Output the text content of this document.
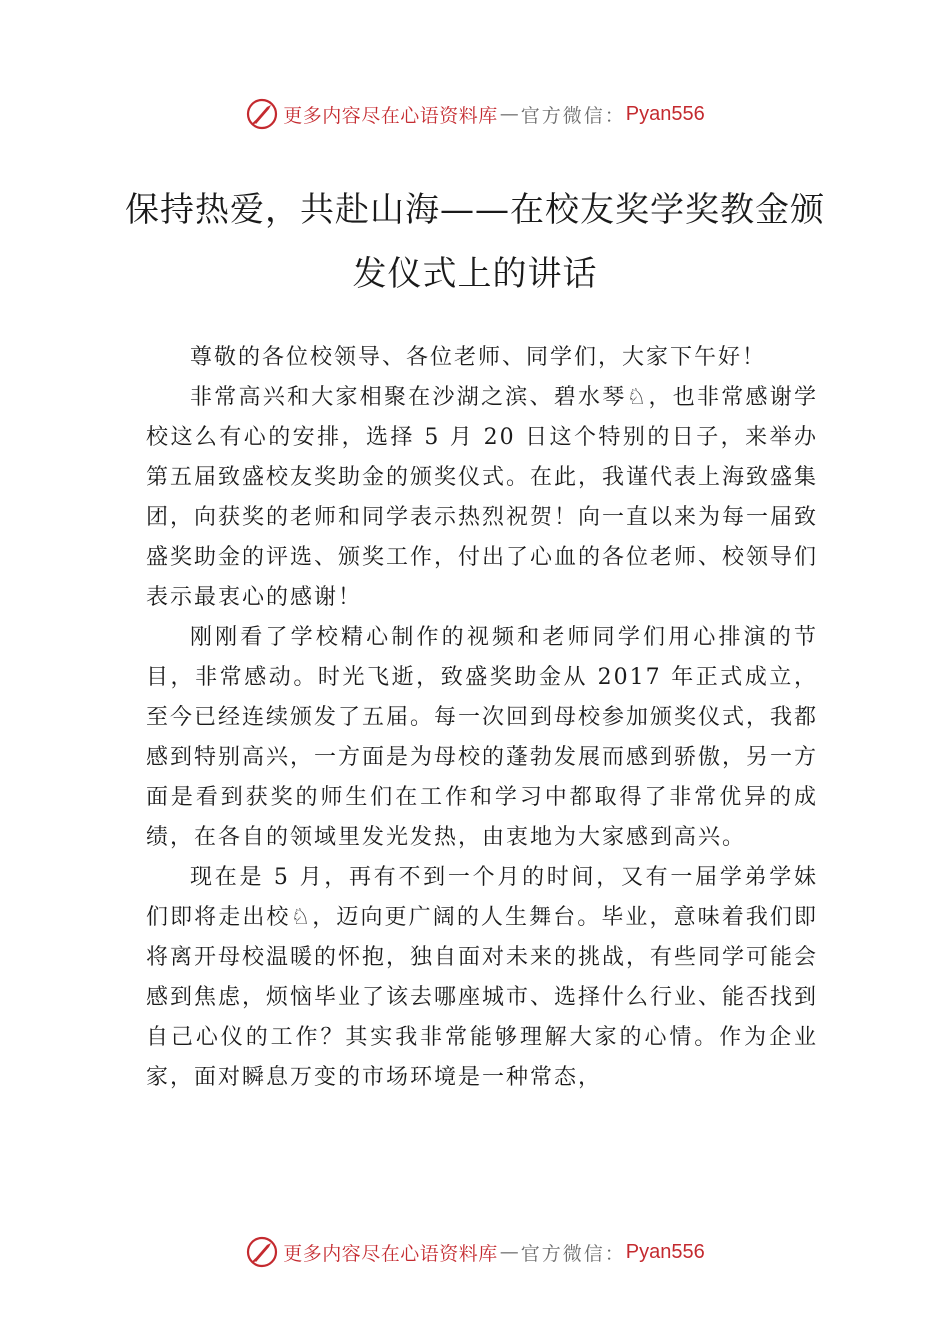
更多内容尽在心语资料库 — 官方微信： Pyan556
保持热爱，共赴山海——在校友奖学奖教金颁发仪式上的讲话

尊敬的各位校领导、各位老师、同学们，大家下午好！

非常高兴和大家相聚在沙湖之滨、碧水琴♘，也非常感谢学校这么有心的安排，选择 5 月 20 日这个特别的日子，来举办第五届致盛校友奖助金的颁奖仪式。在此，我谨代表上海致盛集团，向获奖的老师和同学表示热烈祝贺！向一直以来为每一届致盛奖助金的评选、颁奖工作，付出了心血的各位老师、校领导们表示最衷心的感谢！

刚刚看了学校精心制作的视频和老师同学们用心排演的节目，非常感动。时光飞逝，致盛奖助金从 2017 年正式成立，至今已经连续颁发了五届。每一次回到母校参加颁奖仪式，我都感到特别高兴，一方面是为母校的蓬勃发展而感到骄傲，另一方面是看到获奖的师生们在工作和学习中都取得了非常优异的成绩，在各自的领域里发光发热，由衷地为大家感到高兴。

现在是 5 月，再有不到一个月的时间，又有一届学弟学妹们即将走出校♘，迈向更广阔的人生舞台。毕业，意味着我们即将离开母校温暖的怀抱，独自面对未来的挑战，有些同学可能会感到焦虑，烦恼毕业了该去哪座城市、选择什么行业、能否找到自己心仪的工作？其实我非常能够理解大家的心情。作为企业家，面对瞬息万变的市场环境是一种常态，

更多内容尽在心语资料库 — 官方微信： Pyan556
